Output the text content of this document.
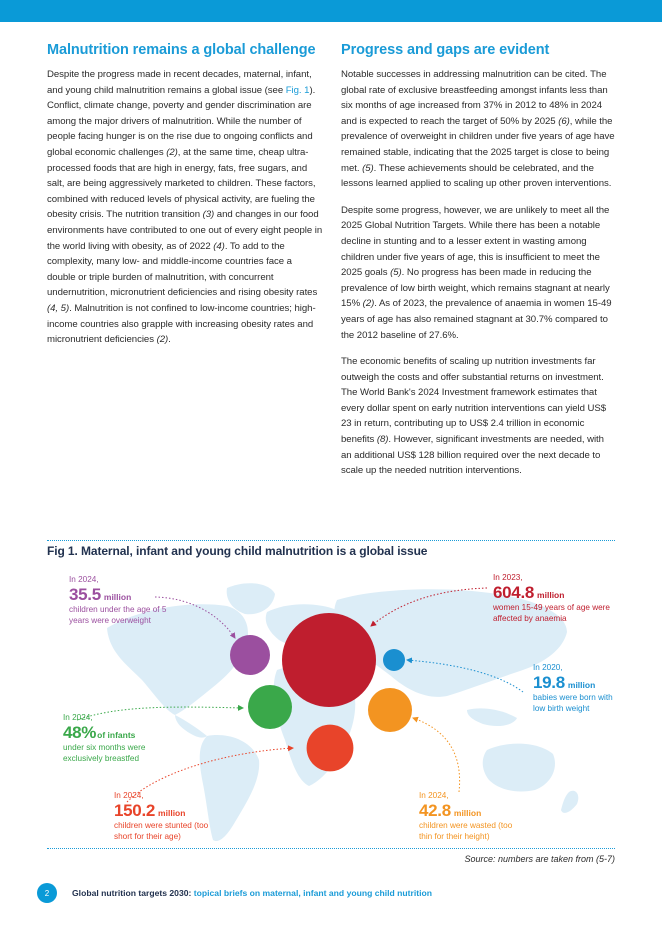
Malnutrition remains a global challenge

Despite the progress made in recent decades, maternal, infant, and young child malnutrition remains a global issue (see Fig. 1). Conflict, climate change, poverty and gender discrimination are among the major drivers of malnutrition. While the number of people facing hunger is on the rise due to ongoing conflicts and global economic challenges (2), at the same time, cheap ultra-processed foods that are high in energy, fats, free sugars, and salt, are being aggressively marketed to children. These factors, combined with reduced levels of physical activity, are fueling the obesity crisis. The nutrition transition (3) and changes in our food environments have contributed to one out of every eight people in the world living with obesity, as of 2022 (4). To add to the complexity, many low- and middle-income countries face a double or triple burden of malnutrition, with concurrent undernutrition, micronutrient deficiencies and rising obesity rates (4, 5). Malnutrition is not confined to low-income countries; high-income countries also grapple with increasing obesity rates and micronutrient deficiencies (2).

Progress and gaps are evident

Notable successes in addressing malnutrition can be cited. The global rate of exclusive breastfeeding amongst infants less than six months of age increased from 37% in 2012 to 48% in 2024 and is expected to reach the target of 50% by 2025 (6), while the prevalence of overweight in children under five years of age have remained stable, indicating that the 2025 target is close to being met. (5). These achievements should be celebrated, and the lessons learned applied to scaling up other proven interventions.

Despite some progress, however, we are unlikely to meet all the 2025 Global Nutrition Targets. While there has been a notable decline in stunting and to a lesser extent in wasting among children under five years of age, this is insufficient to meet the 2025 goals (5). No progress has been made in reducing the prevalence of low birth weight, which remains stagnant at nearly 15% (2). As of 2023, the prevalence of anaemia in women 15-49 years of age has also remained stagnant at 30.7% compared to the 2012 baseline of 27.6%.

The economic benefits of scaling up nutrition investments far outweigh the costs and offer substantial returns on investment. The World Bank's 2024 Investment framework estimates that every dollar spent on early nutrition interventions can yield US$ 23 in return, contributing up to US$ 2.4 trillion in economic benefits (8). However, significant investments are needed, with an additional US$ 128 billion required over the next decade to scale up the needed nutrition interventions.

Fig 1. Maternal, infant and young child malnutrition is a global issue
In 2024,
35.5 million
children under the age of 5 years were overweight
In 2023,
604.8 million
women 15-49 years of age were affected by anaemia
In 2020,
19.8 million
babies were born with low birth weight
In 2024,
48%of infants
under six months were exclusively breastfed
In 2024,
150.2 million
children were stunted (too short for their age)
In 2024,
42.8 million
children were wasted (too thin for their height)
Source: numbers are taken from (5-7)
2	Global nutrition targets 2030: topical briefs on maternal, infant and young child nutrition
